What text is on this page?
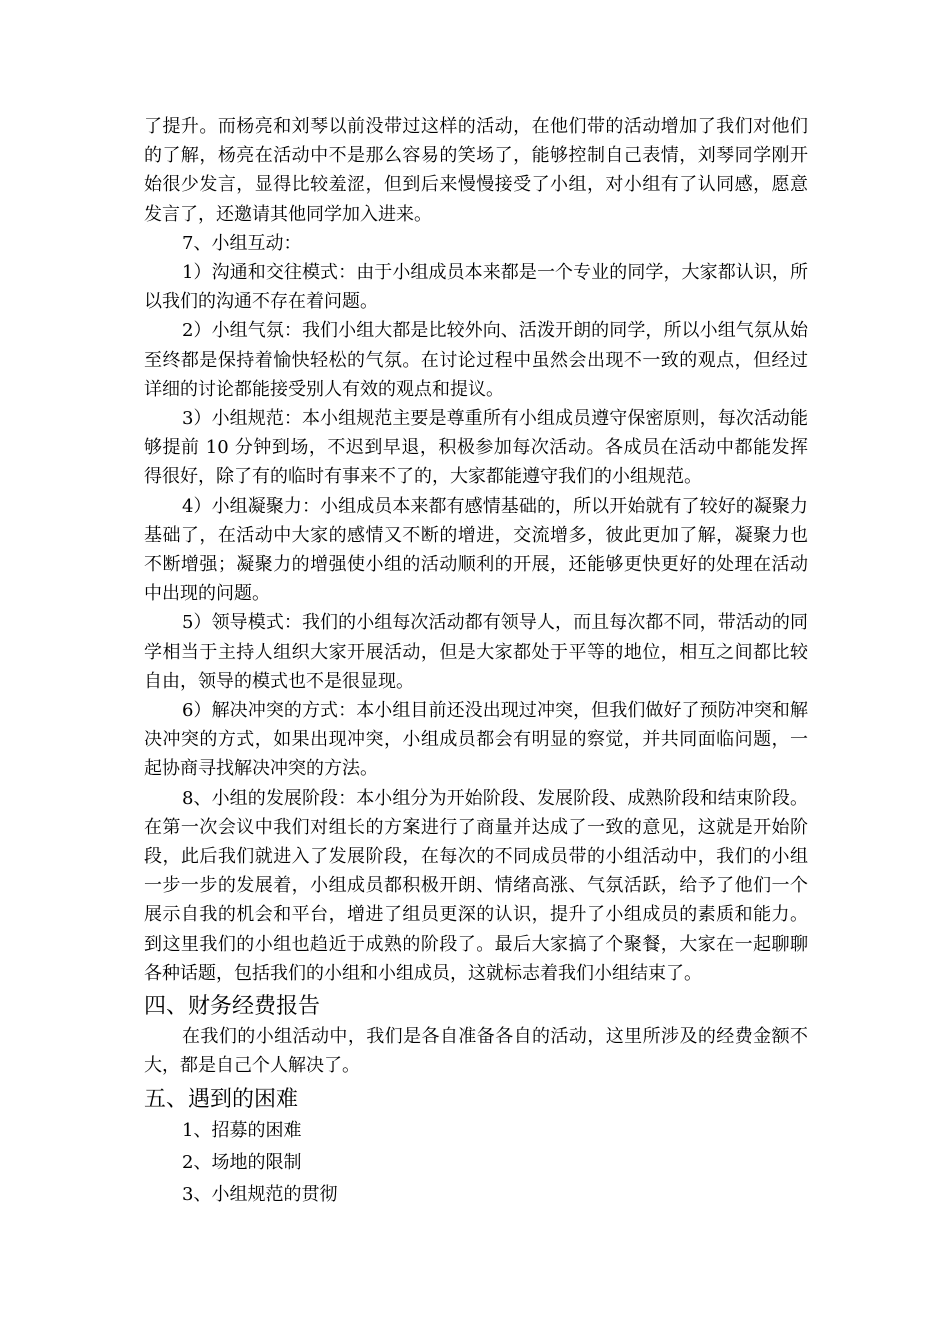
了提升。而杨亮和刘琴以前没带过这样的活动，在他们带的活动增加了我们对他们的了解，杨亮在活动中不是那么容易的笑场了，能够控制自己表情，刘琴同学刚开始很少发言，显得比较羞涩，但到后来慢慢接受了小组，对小组有了认同感，愿意发言了，还邀请其他同学加入进来。

7、小组互动：

1）沟通和交往模式：由于小组成员本来都是一个专业的同学，大家都认识，所以我们的沟通不存在着问题。

2）小组气氛：我们小组大都是比较外向、活泼开朗的同学，所以小组气氛从始至终都是保持着愉快轻松的气氛。在讨论过程中虽然会出现不一致的观点，但经过详细的讨论都能接受别人有效的观点和提议。

3）小组规范：本小组规范主要是尊重所有小组成员遵守保密原则，每次活动能够提前 10 分钟到场，不迟到早退，积极参加每次活动。各成员在活动中都能发挥得很好，除了有的临时有事来不了的，大家都能遵守我们的小组规范。

4）小组凝聚力：小组成员本来都有感情基础的，所以开始就有了较好的凝聚力基础了，在活动中大家的感情又不断的增进，交流增多，彼此更加了解，凝聚力也不断增强；凝聚力的增强使小组的活动顺利的开展，还能够更快更好的处理在活动中出现的问题。

5）领导模式：我们的小组每次活动都有领导人，而且每次都不同，带活动的同学相当于主持人组织大家开展活动，但是大家都处于平等的地位，相互之间都比较自由，领导的模式也不是很显现。

6）解决冲突的方式：本小组目前还没出现过冲突，但我们做好了预防冲突和解决冲突的方式，如果出现冲突，小组成员都会有明显的察觉，并共同面临问题，一起协商寻找解决冲突的方法。

8、小组的发展阶段：本小组分为开始阶段、发展阶段、成熟阶段和结束阶段。在第一次会议中我们对组长的方案进行了商量并达成了一致的意见，这就是开始阶段，此后我们就进入了发展阶段，在每次的不同成员带的小组活动中，我们的小组一步一步的发展着，小组成员都积极开朗、情绪高涨、气氛活跃，给予了他们一个展示自我的机会和平台，增进了组员更深的认识，提升了小组成员的素质和能力。到这里我们的小组也趋近于成熟的阶段了。最后大家搞了个聚餐，大家在一起聊聊各种话题，包括我们的小组和小组成员，这就标志着我们小组结束了。

四、财务经费报告

在我们的小组活动中，我们是各自准备各自的活动，这里所涉及的经费金额不大，都是自己个人解决了。

五、遇到的困难

1、招募的困难

2、场地的限制

3、小组规范的贯彻
